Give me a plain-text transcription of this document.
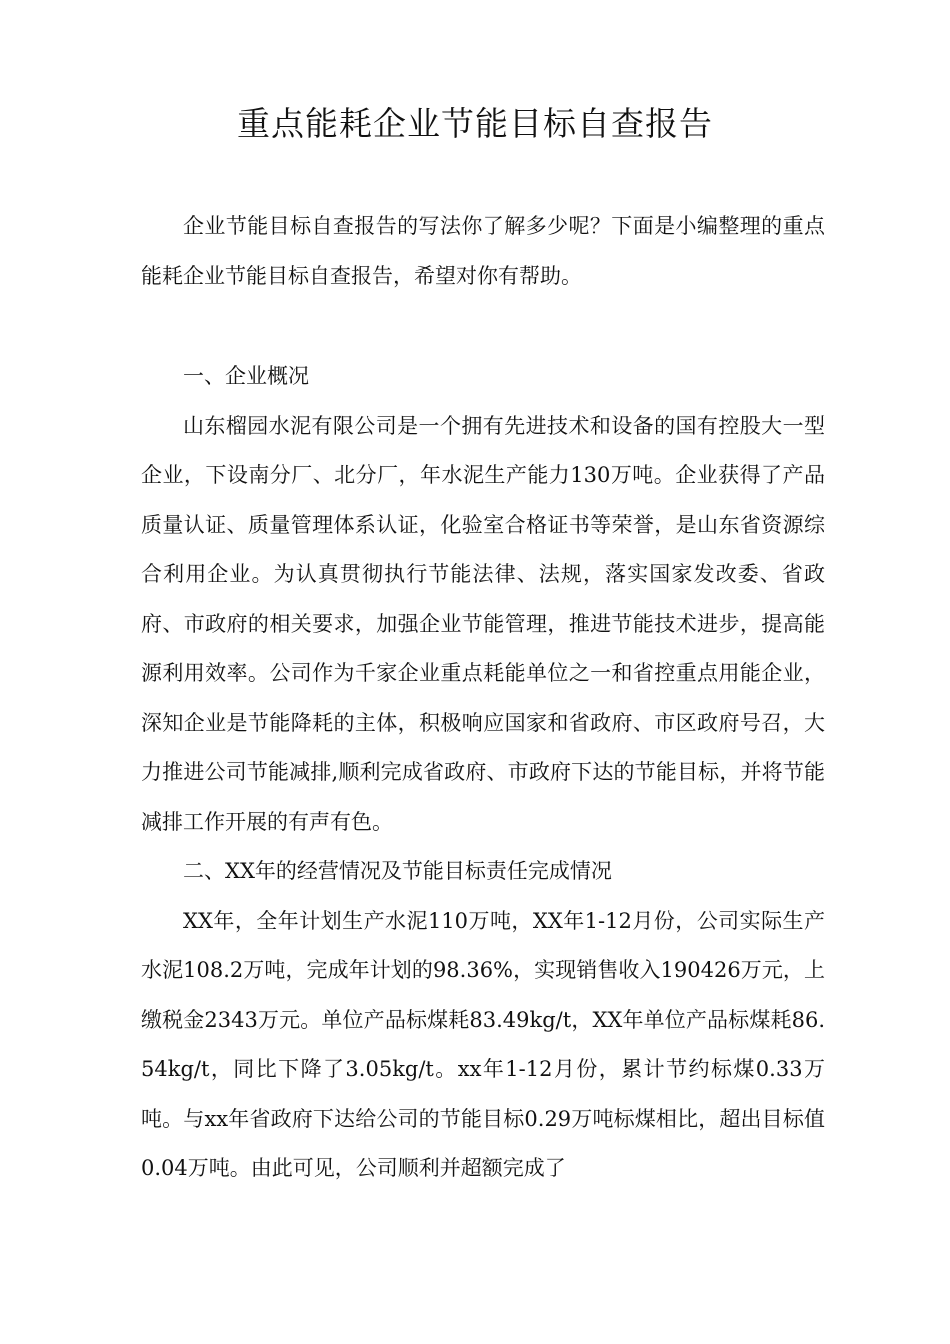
重点能耗企业节能目标自查报告

企业节能目标自查报告的写法你了解多少呢？下面是小编整理的重点能耗企业节能目标自查报告，希望对你有帮助。

一、企业概况

山东榴园水泥有限公司是一个拥有先进技术和设备的国有控股大一型企业，下设南分厂、北分厂，年水泥生产能力130万吨。企业获得了产品质量认证、质量管理体系认证，化验室合格证书等荣誉，是山东省资源综合利用企业。为认真贯彻执行节能法律、法规，落实国家发改委、省政府、市政府的相关要求，加强企业节能管理，推进节能技术进步，提高能源利用效率。公司作为千家企业重点耗能单位之一和省控重点用能企业，深知企业是节能降耗的主体，积极响应国家和省政府、市区政府号召，大力推进公司节能减排,顺利完成省政府、市政府下达的节能目标，并将节能减排工作开展的有声有色。

二、XX年的经营情况及节能目标责任完成情况

XX年，全年计划生产水泥110万吨，XX年1-12月份，公司实际生产水泥108.2万吨，完成年计划的98.36%，实现销售收入190426万元，上缴税金2343万元。单位产品标煤耗83.49kg/t，XX年单位产品标煤耗86.54kg/t，同比下降了3.05kg/t。xx年1-12月份，累计节约标煤0.33万吨。与xx年省政府下达给公司的节能目标0.29万吨标煤相比，超出目标值0.04万吨。由此可见，公司顺利并超额完成了
